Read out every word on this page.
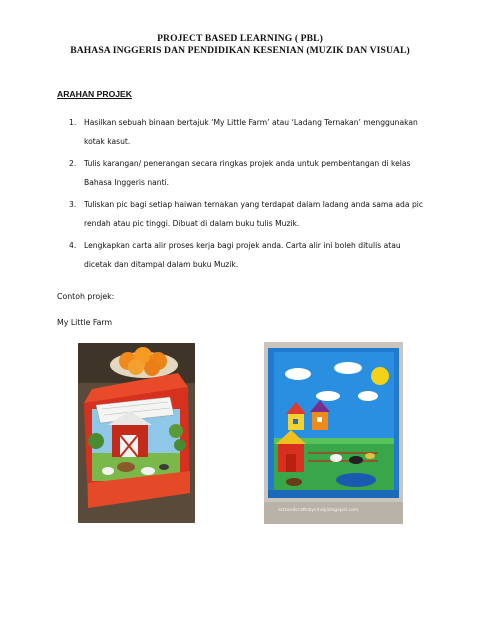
PROJECT BASED LEARNING ( PBL)
BAHASA INGGERIS DAN PENDIDIKAN KESENIAN (MUZIK DAN VISUAL)
ARAHAN PROJEK
1. Hasilkan sebuah binaan bertajuk ‘My Little Farm’ atau ‘Ladang Ternakan’ menggunakan kotak kasut.
2. Tulis karangan/ penerangan secara ringkas projek anda untuk pembentangan di kelas Bahasa Inggeris nanti.
3. Tuliskan pic bagi setiap haiwan ternakan yang terdapat dalam ladang anda sama ada pic rendah atau pic tinggi. Dibuat di dalam buku tulis Muzik.
4. Lengkapkan carta alir proses kerja bagi projek anda. Carta alir ini boleh ditulis atau dicetak dan ditampal dalam buku Muzik.
Contoh projek:
My Little Farm
artsandcraftsbycindy.blogspot.com
